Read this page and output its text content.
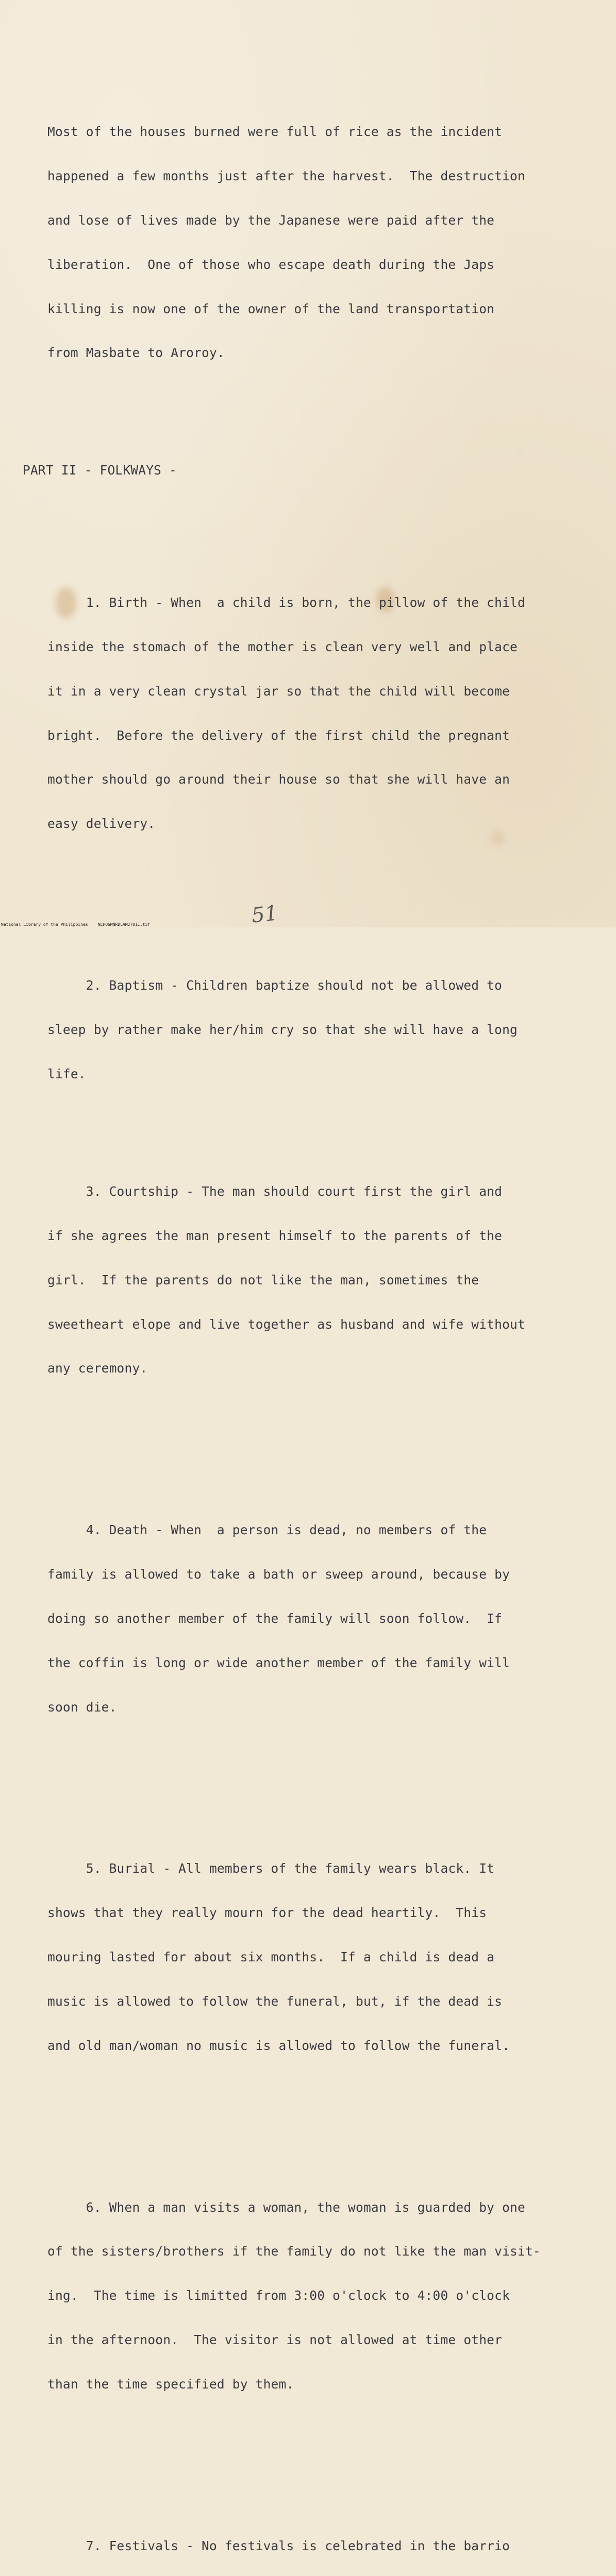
Most of the houses burned were full of rice as the incident

happened a few months just after the harvest.  The destruction

and lose of lives made by the Japanese were paid after the

liberation.  One of those who escape death during the Japs

killing is now one of the owner of the land transportation

from Masbate to Aroroy.

PART II - FOLKWAYS -

1. Birth - When  a child is born, the pillow of the child

inside the stomach of the mother is clean very well and place

it in a very clean crystal jar so that the child will become

bright.  Before the delivery of the first child the pregnant

mother should go around their house so that she will have an

easy delivery.

2. Baptism - Children baptize should not be allowed to

sleep by rather make her/him cry so that she will have a long

life.

3. Courtship - The man should court first the girl and

if she agrees the man present himself to the parents of the

girl.  If the parents do not like the man, sometimes the

sweetheart elope and live together as husband and wife without

any ceremony.

4. Death - When  a person is dead, no members of the

family is allowed to take a bath or sweep around, because by

doing so another member of the family will soon follow.  If

the coffin is long or wide another member of the family will

soon die.

5. Burial - All members of the family wears black. It

shows that they really mourn for the dead heartily.  This

mouring lasted for about six months.  If a child is dead a

music is allowed to follow the funeral, but, if the dead is

and old man/woman no music is allowed to follow the funeral.

6. When a man visits a woman, the woman is guarded by one

of the sisters/brothers if the family do not like the man visit-

ing.  The time is limitted from 3:00 o'clock to 4:00 o'clock

in the afternoon.  The visitor is not allowed at time other

than the time specified by them.

7. Festivals - No festivals is celebrated in the barrio

51
National Library of the Philippines    NLPOGMNRDLAM27011.tif
